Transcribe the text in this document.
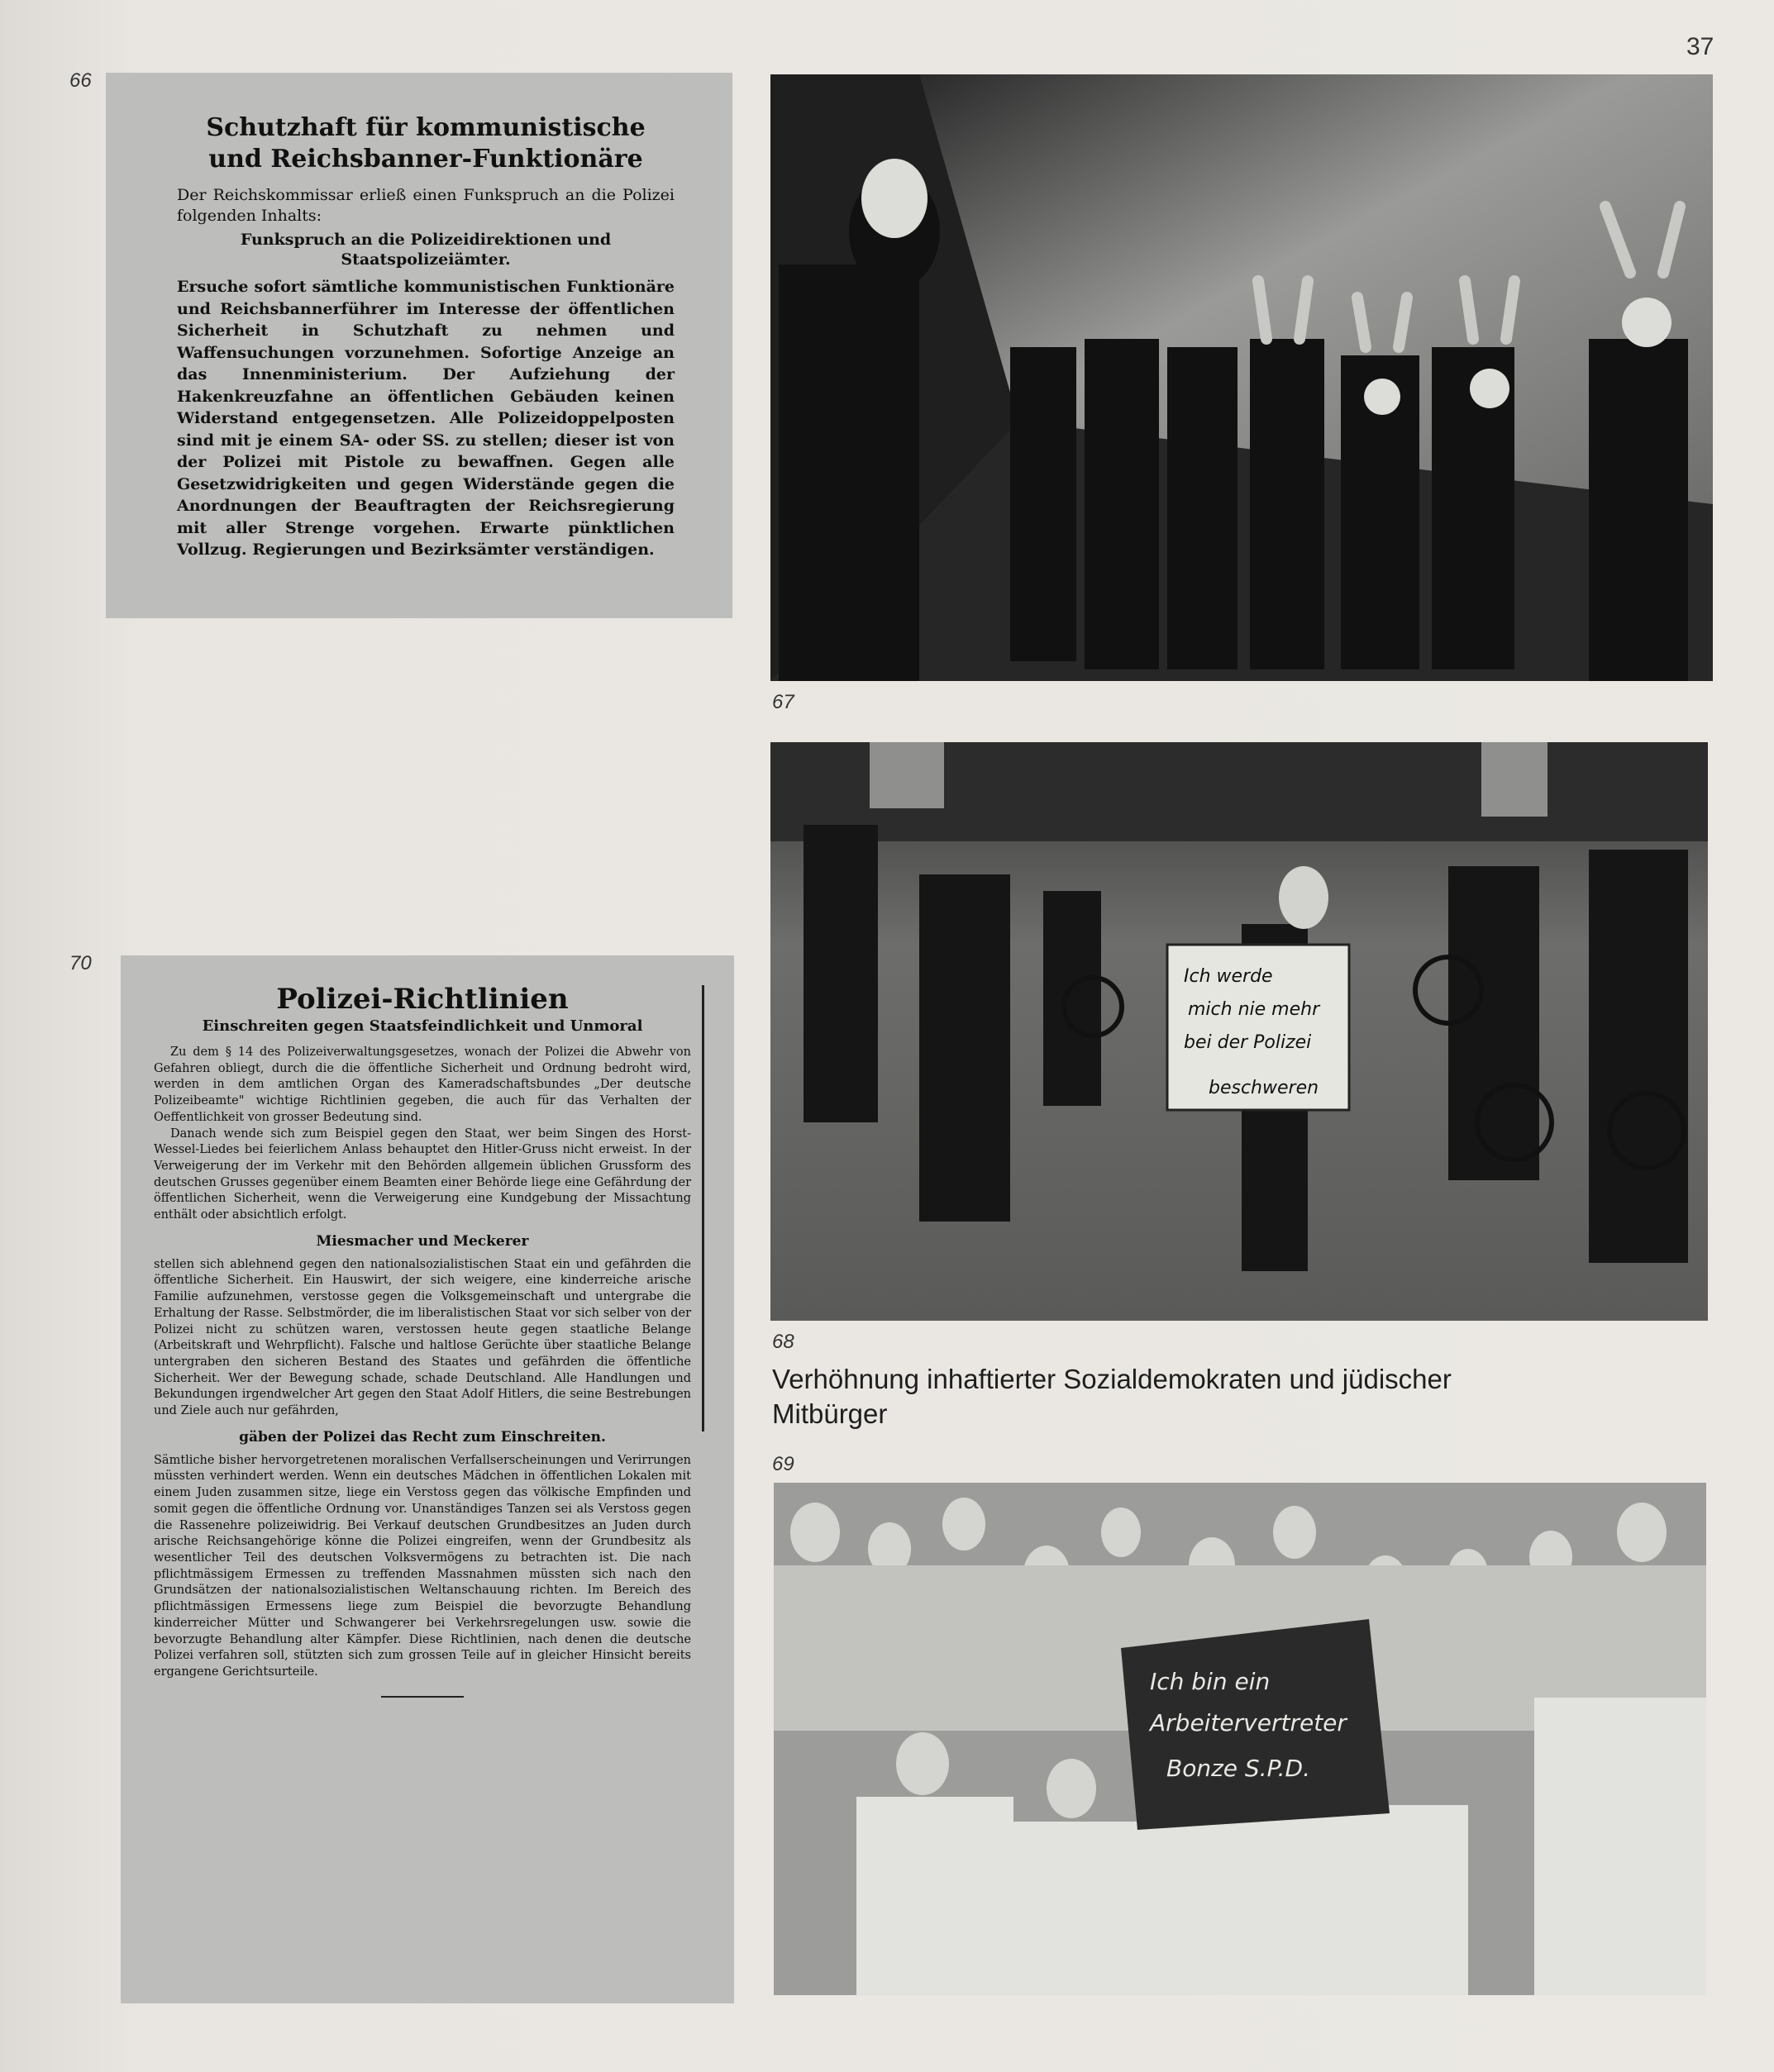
37
66
Schutzhaft für kommunistische und Reichsbanner-Funktionäre
Der Reichskommissar erließ einen Funkspruch an die Polizei folgenden Inhalts:
Funkspruch an die Polizeidirektionen und Staatspolizeiämter.
Ersuche sofort sämtliche kommunistischen Funktionäre und Reichsbannerführer im Interesse der öffentlichen Sicherheit in Schutzhaft zu nehmen und Waffensuchungen vorzunehmen. Sofortige Anzeige an das Innenministerium. Der Aufziehung der Hakenkreuzfahne an öffentlichen Gebäuden keinen Widerstand entgegensetzen. Alle Polizeidoppelposten sind mit je einem SA- oder SS. zu stellen; dieser ist von der Polizei mit Pistole zu bewaffnen. Gegen alle Gesetzwidrigkeiten und gegen Widerstände gegen die Anordnungen der Beauftragten der Reichsregierung mit aller Strenge vorgehen. Erwarte pünktlichen Vollzug. Regierungen und Bezirksämter verständigen.
67
Ich werde
mich nie mehr
bei der Polizei
beschweren
68
Verhöhnung inhaftierter Sozialdemokraten und jüdischer Mitbürger
69
Ich bin ein
Arbeitervertreter
Bonze S.P.D.
70
Polizei-Richtlinien
Einschreiten gegen Staatsfeindlichkeit und Unmoral

Zu dem § 14 des Polizeiverwaltungsgesetzes, wonach der Polizei die Abwehr von Gefahren obliegt, durch die die öffentliche Sicherheit und Ordnung bedroht wird, werden in dem amtlichen Organ des Kameradschaftsbundes „Der deutsche Polizeibeamte" wichtige Richtlinien gegeben, die auch für das Verhalten der Oeffentlichkeit von grosser Bedeutung sind.

Danach wende sich zum Beispiel gegen den Staat, wer beim Singen des Horst-Wessel-Liedes bei feierlichem Anlass behauptet den Hitler-Gruss nicht erweist. In der Verweigerung der im Verkehr mit den Behörden allgemein üblichen Grussform des deutschen Grusses gegenüber einem Beamten einer Behörde liege eine Gefährdung der öffentlichen Sicherheit, wenn die Verweigerung eine Kundgebung der Missachtung enthält oder absichtlich erfolgt.

Miesmacher und Meckerer

stellen sich ablehnend gegen den nationalsozialistischen Staat ein und gefährden die öffentliche Sicherheit. Ein Hauswirt, der sich weigere, eine kinderreiche arische Familie aufzunehmen, verstosse gegen die Volksgemeinschaft und untergrabe die Erhaltung der Rasse. Selbstmörder, die im liberalistischen Staat vor sich selber von der Polizei nicht zu schützen waren, verstossen heute gegen staatliche Belange (Arbeitskraft und Wehrpflicht). Falsche und haltlose Gerüchte über staatliche Belange untergraben den sicheren Bestand des Staates und gefährden die öffentliche Sicherheit. Wer der Bewegung schade, schade Deutschland. Alle Handlungen und Bekundungen irgendwelcher Art gegen den Staat Adolf Hitlers, die seine Bestrebungen und Ziele auch nur gefährden,

gäben der Polizei das Recht zum Einschreiten.

Sämtliche bisher hervorgetretenen moralischen Verfallserscheinungen und Verirrungen müssten verhindert werden. Wenn ein deutsches Mädchen in öffentlichen Lokalen mit einem Juden zusammen sitze, liege ein Verstoss gegen das völkische Empfinden und somit gegen die öffentliche Ordnung vor. Unanständiges Tanzen sei als Verstoss gegen die Rassenehre polizeiwidrig. Bei Verkauf deutschen Grundbesitzes an Juden durch arische Reichsangehörige könne die Polizei eingreifen, wenn der Grundbesitz als wesentlicher Teil des deutschen Volksvermögens zu betrachten ist. Die nach pflichtmässigem Ermessen zu treffenden Massnahmen müssten sich nach den Grundsätzen der nationalsozialistischen Weltanschauung richten. Im Bereich des pflichtmässigen Ermessens liege zum Beispiel die bevorzugte Behandlung kinderreicher Mütter und Schwangerer bei Verkehrsregelungen usw. sowie die bevorzugte Behandlung alter Kämpfer. Diese Richtlinien, nach denen die deutsche Polizei verfahren soll, stützten sich zum grossen Teile auf in gleicher Hinsicht bereits ergangene Gerichtsurteile.
